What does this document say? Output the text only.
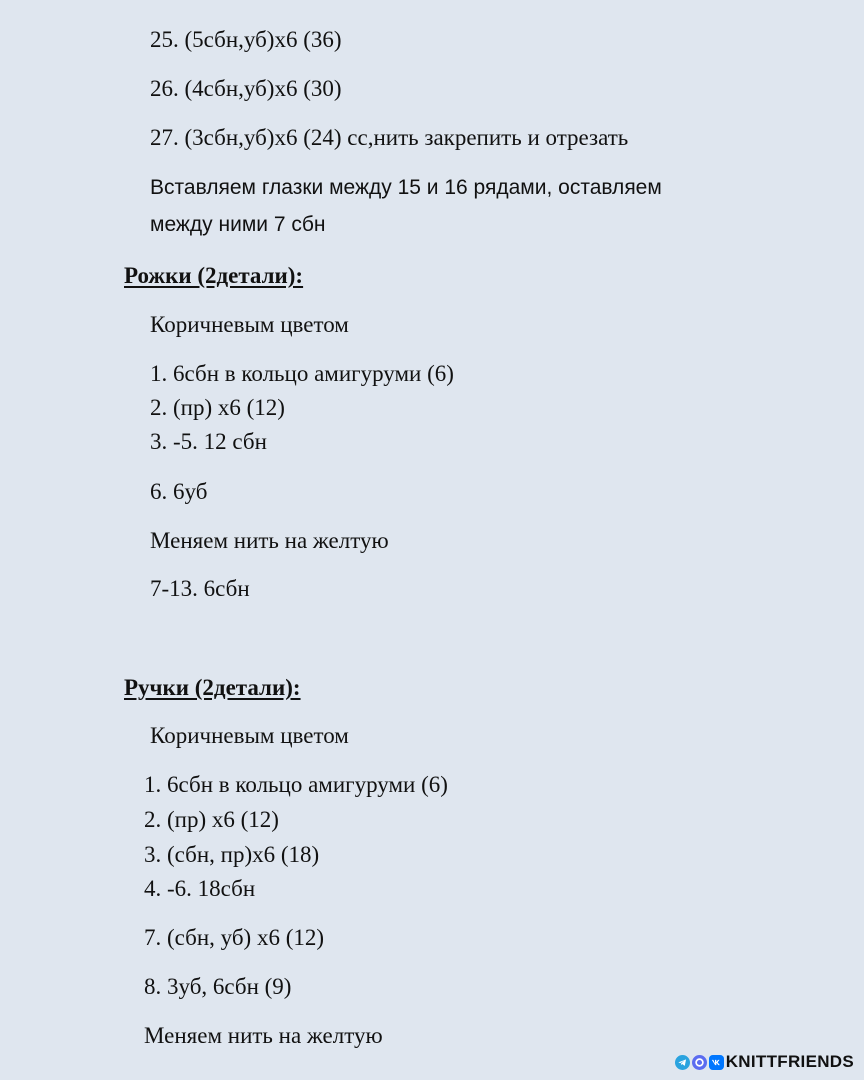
25. (5сбн,уб)х6 (36)
26. (4сбн,уб)х6 (30)
27. (3сбн,уб)х6 (24) сс,нить закрепить и отрезать
Вставляем глазки между 15 и 16 рядами, оставляем
между ними 7 сбн
Рожки (2детали):
Коричневым цветом
1. 6сбн в кольцо амигуруми (6)
2. (пр) х6 (12)
3. -5. 12 сбн
6. 6уб
Меняем нить на желтую
7-13. 6сбн
Ручки (2детали):
Коричневым цветом
1. 6сбн в кольцо амигуруми (6)
2. (пр) х6 (12)
3. (сбн, пр)х6 (18)
4. -6. 18сбн
7. (сбн, уб) х6 (12)
8. 3уб, 6сбн (9)
Меняем нить на желтую
KNITTFRIENDS
